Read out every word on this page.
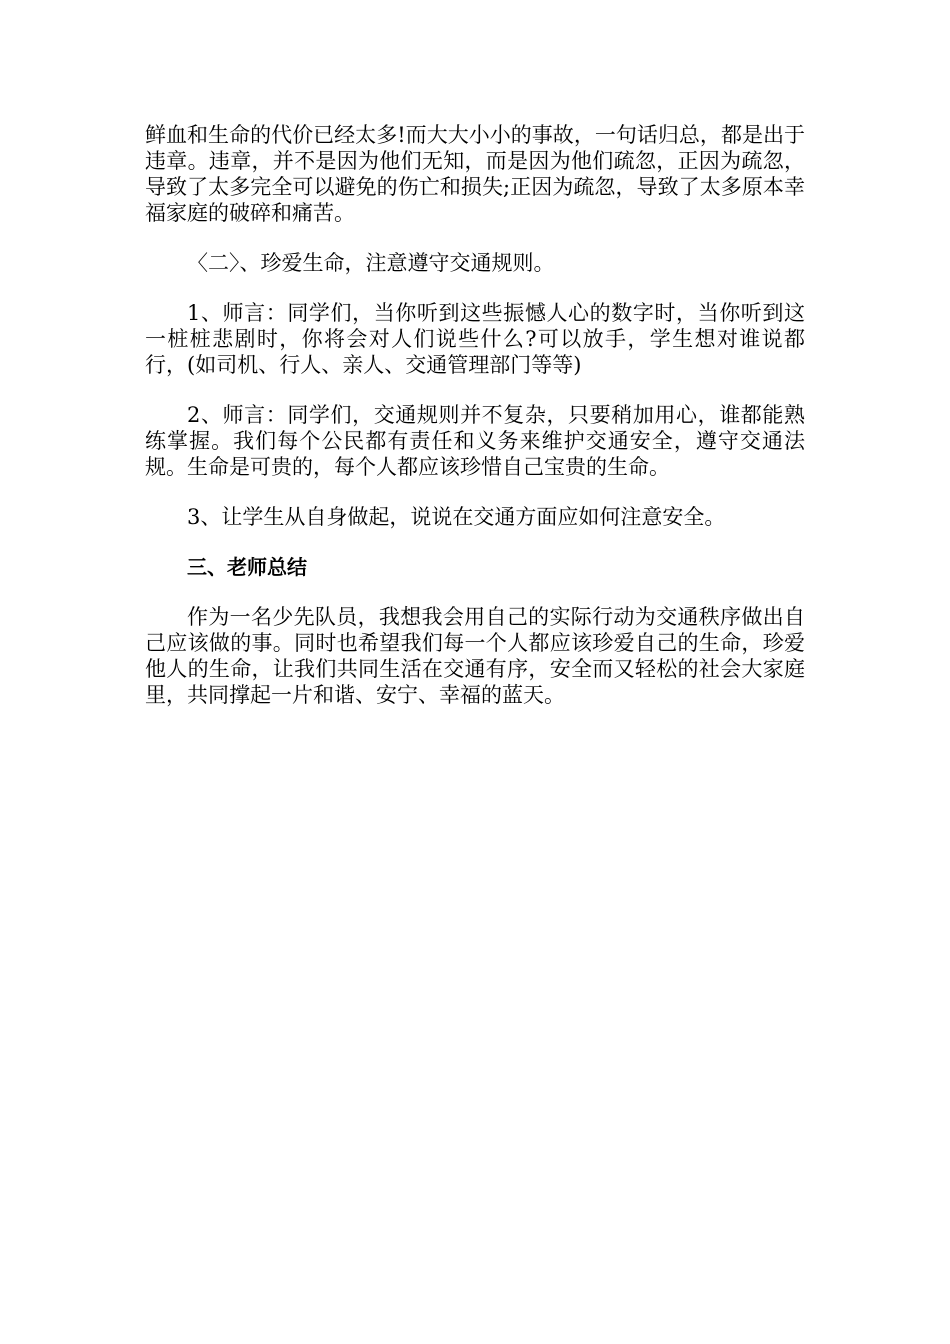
鲜血和生命的代价已经太多!而大大小小的事故，一句话归总，都是出于违章。违章，并不是因为他们无知，而是因为他们疏忽，正因为疏忽，导致了太多完全可以避免的伤亡和损失;正因为疏忽，导致了太多原本幸福家庭的破碎和痛苦。

〈二〉、珍爱生命，注意遵守交通规则。

1、师言：同学们，当你听到这些振憾人心的数字时，当你听到这一桩桩悲剧时，你将会对人们说些什么?可以放手，学生想对谁说都行，(如司机、行人、亲人、交通管理部门等等)

2、师言：同学们，交通规则并不复杂，只要稍加用心，谁都能熟练掌握。我们每个公民都有责任和义务来维护交通安全，遵守交通法规。生命是可贵的，每个人都应该珍惜自己宝贵的生命。

3、让学生从自身做起，说说在交通方面应如何注意安全。

三、老师总结

作为一名少先队员，我想我会用自己的实际行动为交通秩序做出自己应该做的事。同时也希望我们每一个人都应该珍爱自己的生命，珍爱他人的生命，让我们共同生活在交通有序，安全而又轻松的社会大家庭里，共同撑起一片和谐、安宁、幸福的蓝天。
